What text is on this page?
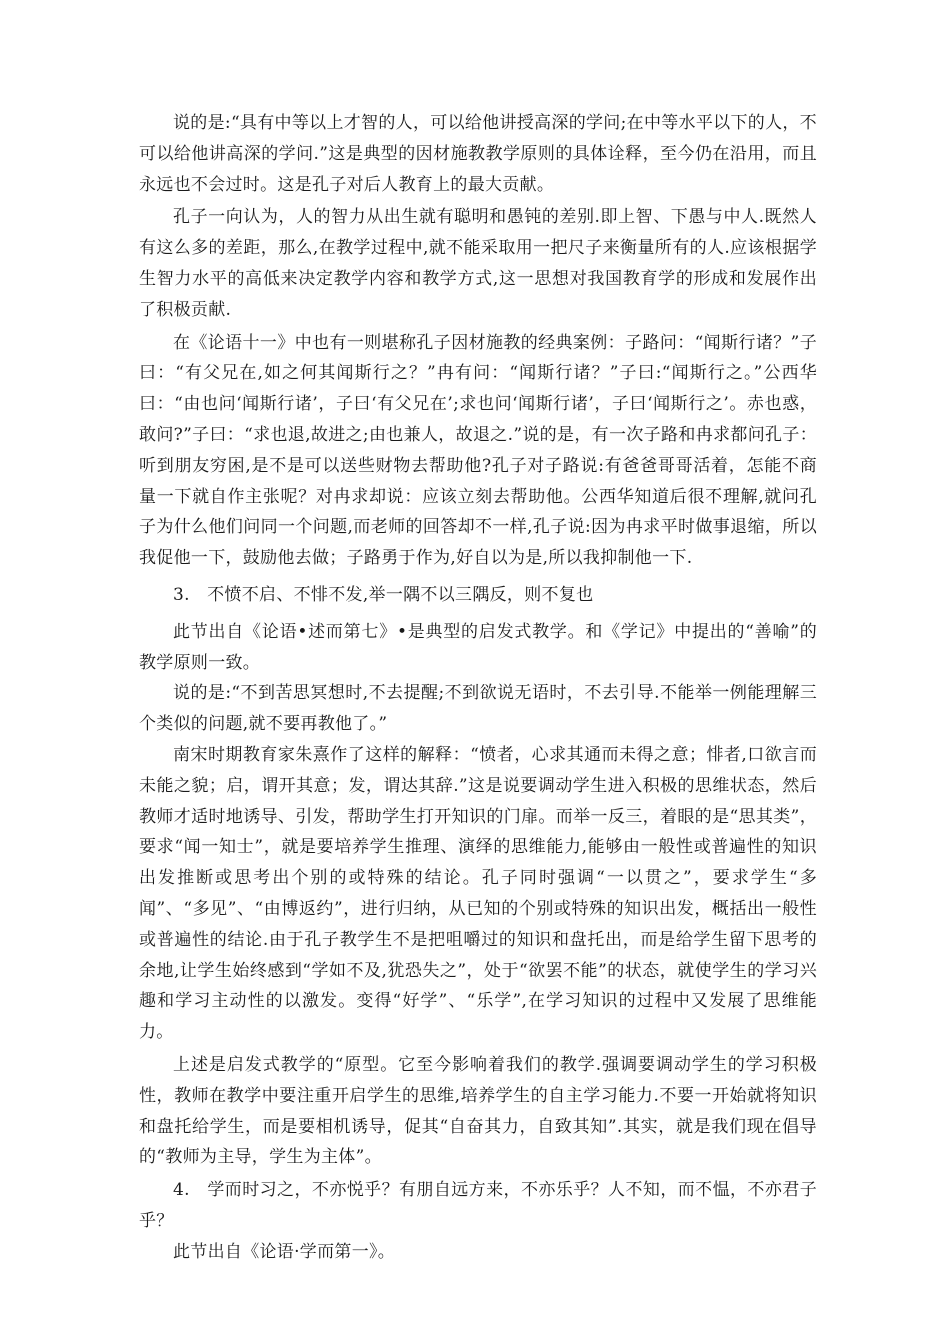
说的是:“具有中等以上才智的人，可以给他讲授高深的学问;在中等水平以下的人，不可以给他讲高深的学问.”这是典型的因材施教教学原则的具体诠释，至今仍在沿用，而且永远也不会过时。这是孔子对后人教育上的最大贡献。

孔子一向认为，人的智力从出生就有聪明和愚钝的差别.即上智、下愚与中人.既然人有这么多的差距，那么,在教学过程中,就不能采取用一把尺子来衡量所有的人.应该根据学生智力水平的高低来决定教学内容和教学方式,这一思想对我国教育学的形成和发展作出了积极贡献.

在《论语十一》中也有一则堪称孔子因材施教的经典案例：子路问：“闻斯行诸？”子曰：“有父兄在,如之何其闻斯行之？”冉有问：“闻斯行诸？”子曰:“闻斯行之。”公西华曰：“由也问‘闻斯行诸’，子曰‘有父兄在’;求也问‘闻斯行诸’，子曰‘闻斯行之’。赤也惑，敢问?”子曰：“求也退,故进之;由也兼人，故退之.”说的是，有一次子路和冉求都问孔子：听到朋友穷困,是不是可以送些财物去帮助他?孔子对子路说:有爸爸哥哥活着，怎能不商量一下就自作主张呢？对冉求却说：应该立刻去帮助他。公西华知道后很不理解,就问孔子为什么他们问同一个问题,而老师的回答却不一样,孔子说:因为冉求平时做事退缩，所以我促他一下，鼓励他去做；子路勇于作为,好自以为是,所以我抑制他一下.

3.　不愤不启、不悱不发,举一隅不以三隅反，则不复也

此节出自《论语•述而第七》•是典型的启发式教学。和《学记》中提出的“善喻”的教学原则一致。

说的是:“不到苦思冥想时,不去提醒;不到欲说无语时，不去引导.不能举一例能理解三个类似的问题,就不要再教他了。”

南宋时期教育家朱熹作了这样的解释：“愤者，心求其通而未得之意；悱者,口欲言而未能之貌；启，谓开其意；发，谓达其辞.”这是说要调动学生进入积极的思维状态，然后教师才适时地诱导、引发，帮助学生打开知识的门扉。而举一反三，着眼的是“思其类”，要求“闻一知士”，就是要培养学生推理、演绎的思维能力,能够由一般性或普遍性的知识出发推断或思考出个别的或特殊的结论。孔子同时强调“一以贯之”，要求学生“多闻”、“多见”、“由博返约”，进行归纳，从已知的个别或特殊的知识出发，概括出一般性或普遍性的结论.由于孔子教学生不是把咀嚼过的知识和盘托出，而是给学生留下思考的余地,让学生始终感到“学如不及,犹恐失之”，处于“欲罢不能”的状态，就使学生的学习兴趣和学习主动性的以激发。变得“好学”、“乐学”,在学习知识的过程中又发展了思维能力。

上述是启发式教学的“原型。它至今影响着我们的教学.强调要调动学生的学习积极性，教师在教学中要注重开启学生的思维,培养学生的自主学习能力.不要一开始就将知识和盘托给学生，而是要相机诱导，促其“自奋其力，自致其知”.其实，就是我们现在倡导的“教师为主导，学生为主体”。

4.　学而时习之，不亦悦乎？有朋自远方来，不亦乐乎？人不知，而不愠，不亦君子乎？

此节出自《论语·学而第一》。
